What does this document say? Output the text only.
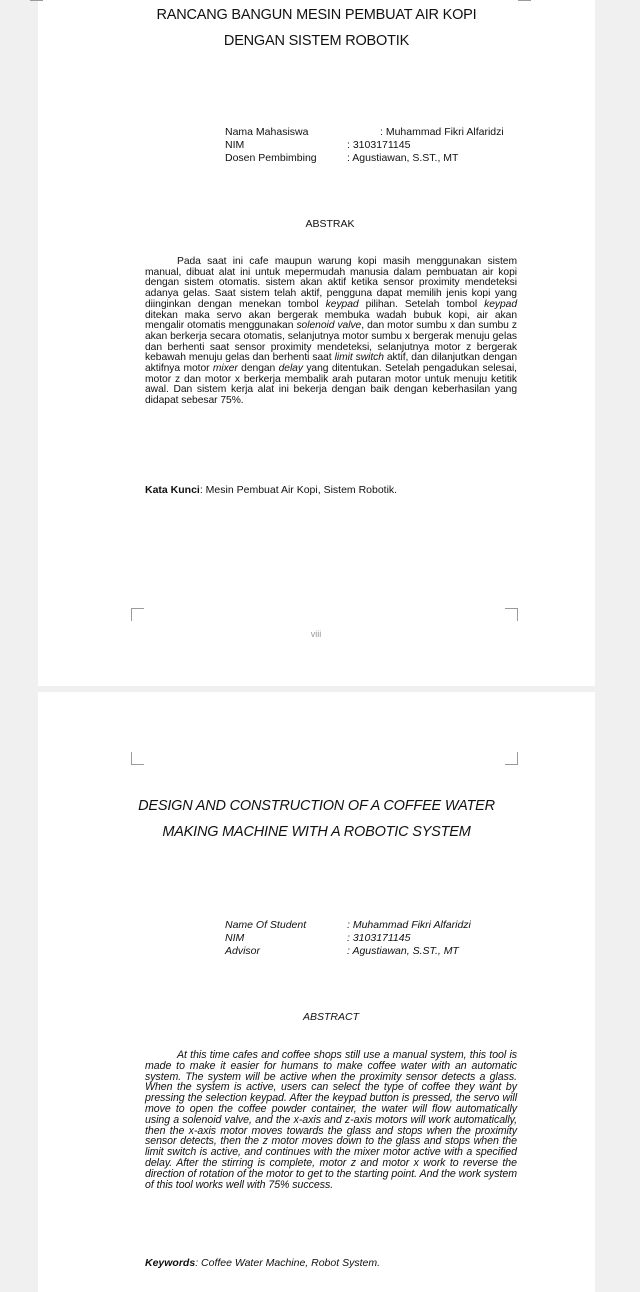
RANCANG BANGUN MESIN PEMBUAT AIR KOPI
DENGAN SISTEM ROBOTIK
Nama Mahasiswa	: Muhammad Fikri Alfaridzi
NIM	: 3103171145
Dosen Pembimbing	: Agustiawan, S.ST., MT
ABSTRAK
Pada saat ini cafe maupun warung kopi masih menggunakan sistem manual, dibuat alat ini untuk mepermudah manusia dalam pembuatan air kopi dengan sistem otomatis. sistem akan aktif ketika sensor proximity mendeteksi adanya gelas. Saat sistem telah aktif, pengguna dapat memilih jenis kopi yang diinginkan dengan menekan tombol keypad pilihan. Setelah tombol keypad ditekan maka servo akan bergerak membuka wadah bubuk kopi, air akan mengalir otomatis menggunakan solenoid valve, dan motor sumbu x dan sumbu z akan berkerja secara otomatis, selanjutnya motor sumbu x bergerak menuju gelas dan berhenti saat sensor proximity mendeteksi, selanjutnya motor z bergerak kebawah menuju gelas dan berhenti saat limit switch aktif, dan dilanjutkan dengan aktifnya motor mixer dengan delay yang ditentukan. Setelah pengadukan selesai, motor z dan motor x berkerja membalik arah putaran motor untuk menuju ketitik awal. Dan sistem kerja alat ini bekerja dengan baik dengan keberhasilan yang didapat sebesar 75%.
Kata Kunci: Mesin Pembuat Air Kopi, Sistem Robotik.
viii
DESIGN AND CONSTRUCTION OF A COFFEE WATER
MAKING MACHINE WITH A ROBOTIC SYSTEM
Name Of Student	: Muhammad Fikri Alfaridzi
NIM	: 3103171145
Advisor	: Agustiawan, S.ST., MT
ABSTRACT
At this time cafes and coffee shops still use a manual system, this tool is made to make it easier for humans to make coffee water with an automatic system. The system will be active when the proximity sensor detects a glass. When the system is active, users can select the type of coffee they want by pressing the selection keypad. After the keypad button is pressed, the servo will move to open the coffee powder container, the water will flow automatically using a solenoid valve, and the x-axis and z-axis motors will work automatically, then the x-axis motor moves towards the glass and stops when the proximity sensor detects, then the z motor moves down to the glass and stops when the limit switch is active, and continues with the mixer motor active with a specified delay. After the stirring is complete, motor z and motor x work to reverse the direction of rotation of the motor to get to the starting point. And the work system of this tool works well with 75% success.
Keywords: Coffee Water Machine, Robot System.
